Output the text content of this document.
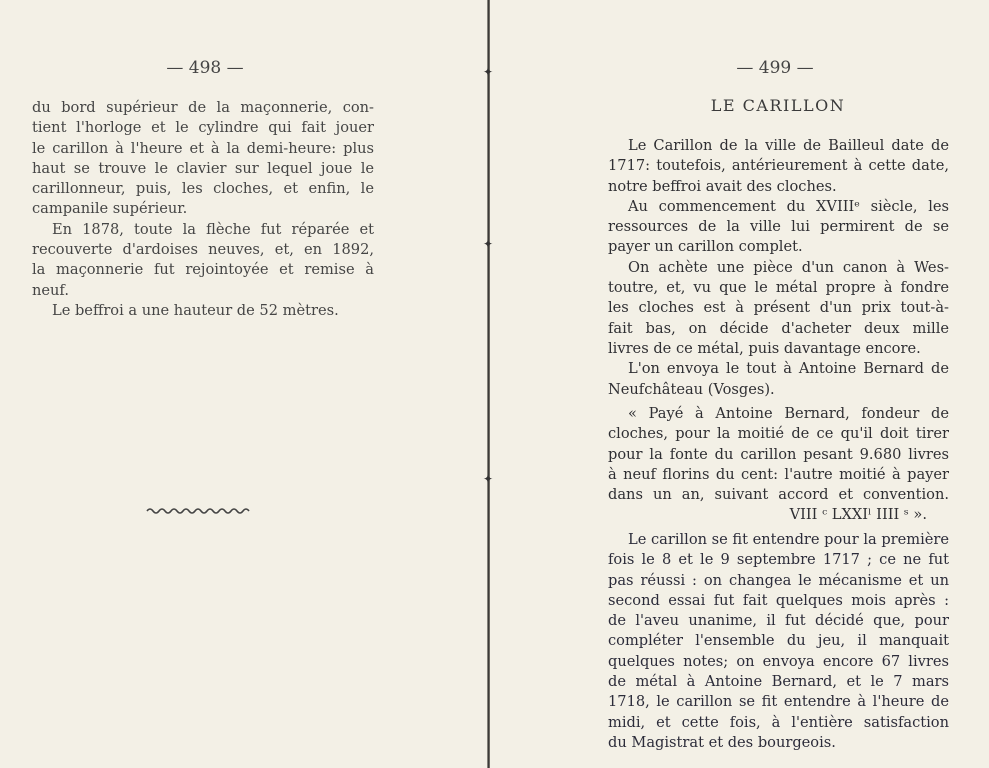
✦
✦
✦
— 498 —
du bord supérieur de la maçonnerie, con-
tient l'horloge et le cylindre qui fait jouer
le carillon à l'heure et à la demi-heure: plus
haut se trouve le clavier sur lequel joue le
carillonneur, puis, les cloches, et enfin, le
campanile supérieur.
En 1878, toute la flèche fut réparée et
recouverte d'ardoises neuves, et, en 1892,
la maçonnerie fut rejointoyée et remise à
neuf.
Le beffroi a une hauteur de 52 mètres.
— 499 —
LE CARILLON
Le Carillon de la ville de Bailleul date de
1717: toutefois, antérieurement à cette date,
notre beffroi avait des cloches.
Au commencement du XVIIIᵉ siècle, les
ressources de la ville lui permirent de se
payer un carillon complet.
On achète une pièce d'un canon à Wes-
toutre, et, vu que le métal propre à fondre
les cloches est à présent d'un prix tout-à-
fait bas, on décide d'acheter deux mille
livres de ce métal, puis davantage encore.
L'on envoya le tout à Antoine Bernard de
Neufchâteau (Vosges).
« Payé à Antoine Bernard, fondeur de
cloches, pour la moitié de ce qu'il doit tirer
pour la fonte du carillon pesant 9.680 livres
à neuf florins du cent: l'autre moitié à payer
dans un an, suivant accord et convention.
VIII ᶜ LXXIˡ IIII ˢ ».
Le carillon se fit entendre pour la première
fois le 8 et le 9 septembre 1717 ; ce ne fut
pas réussi : on changea le mécanisme et un
second essai fut fait quelques mois après :
de l'aveu unanime, il fut décidé que, pour
compléter l'ensemble du jeu, il manquait
quelques notes; on envoya encore 67 livres
de métal à Antoine Bernard, et le 7 mars
1718, le carillon se fit entendre à l'heure de
midi, et cette fois, à l'entière satisfaction
du Magistrat et des bourgeois.
